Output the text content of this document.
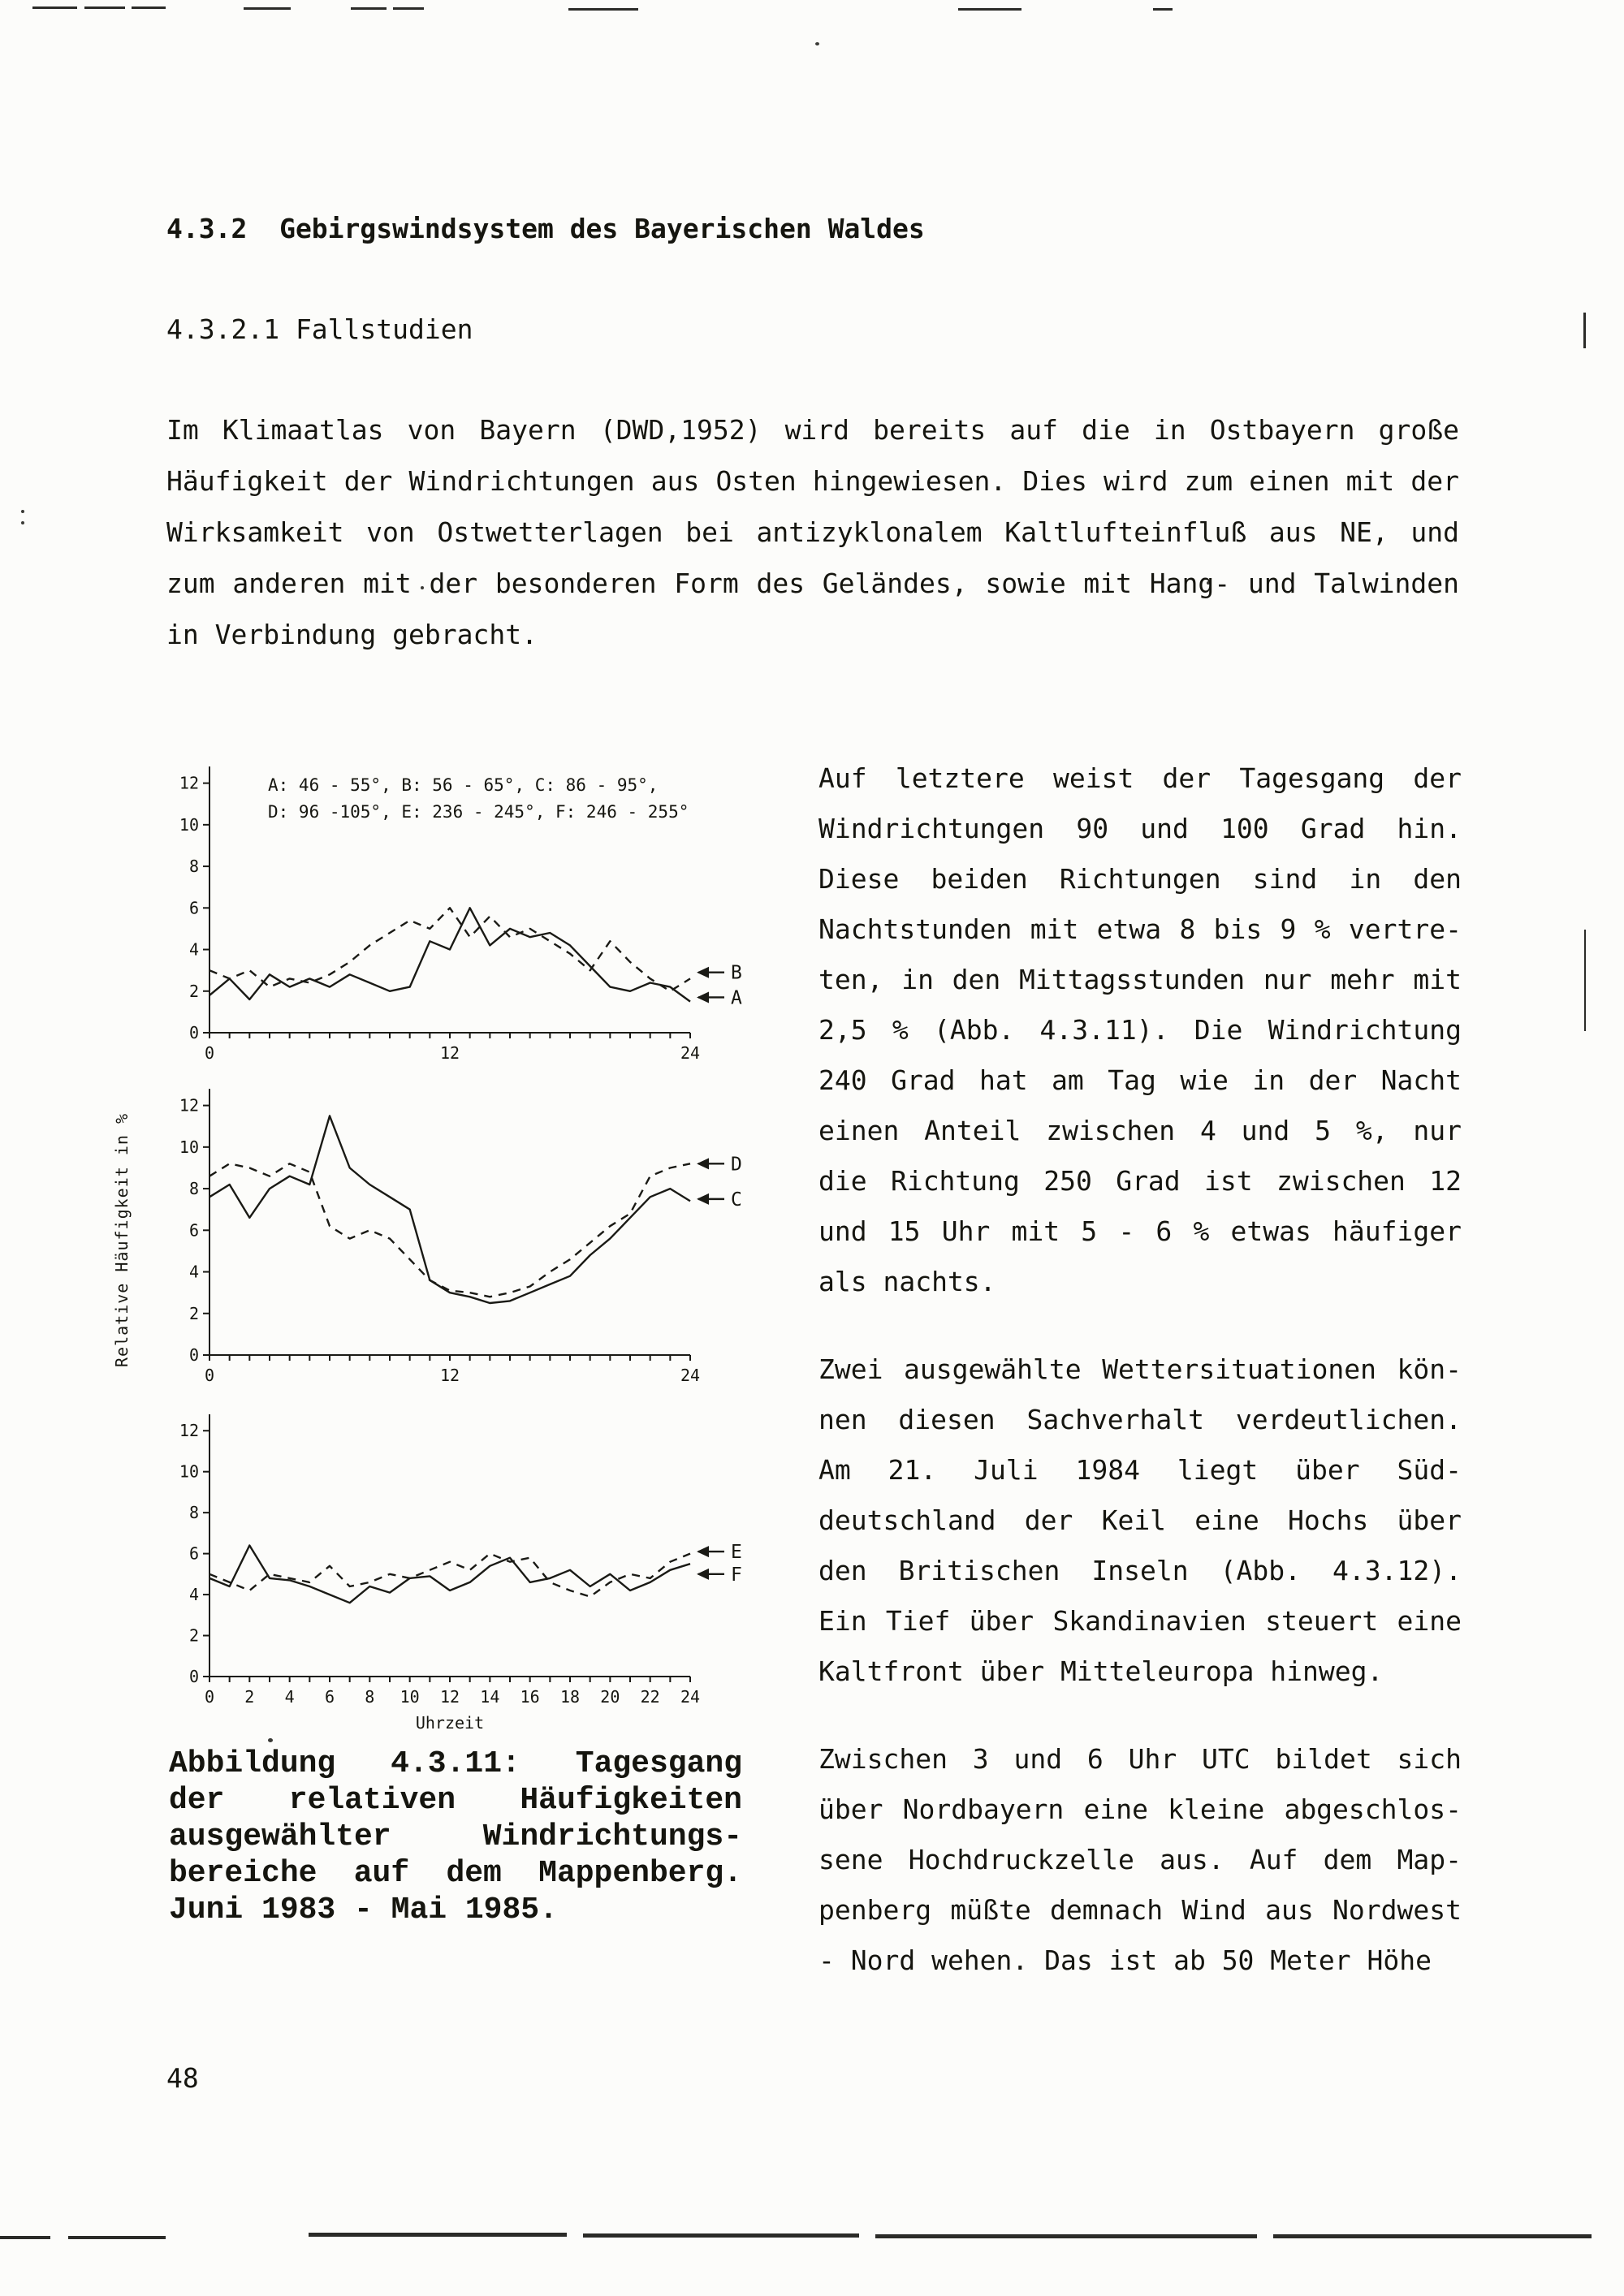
4.3.2  Gebirgswindsystem des Bayerischen Waldes
4.3.2.1 Fallstudien
Im Klimaatlas von Bayern (DWD,1952) wird bereits auf die in Ostbayern große
Häufigkeit der Windrichtungen aus Osten hingewiesen. Dies wird zum einen mit der
Wirksamkeit von Ostwetterlagen bei antizyklonalem Kaltlufteinfluß aus NE, und
zum anderen mit der besonderen Form des Geländes, sowie mit Hang- und Talwinden
in Verbindung gebracht.
0
2
4
6
8
10
12
0	12	24
B
A
A: 46 - 55°, B: 56 - 65°, C: 86 - 95°,
D: 96 -105°, E: 236 - 245°, F: 246 - 255°
0
2
4
6
8
10
12
0	12	24
D
C
0
2
4
6
8
10
12
0 2 4 6 8 10 12 14 16 18 20 22 24
Uhrzeit
E
F
Relative Häufigkeit in %
Abbildung 4.3.11: Tagesgang
der relativen Häufigkeiten
ausgewählter Windrichtungs-
bereiche auf dem Mappenberg.
Juni 1983 - Mai 1985.
Auf letztere weist der Tagesgang der
Windrichtungen 90 und 100 Grad hin.
Diese beiden Richtungen sind in den
Nachtstunden mit etwa 8 bis 9 % vertre-
ten, in den Mittagsstunden nur mehr mit
2,5 % (Abb. 4.3.11). Die Windrichtung
240 Grad hat am Tag wie in der Nacht
einen Anteil zwischen 4 und 5 %, nur
die Richtung 250 Grad ist zwischen 12
und 15 Uhr mit 5 - 6 % etwas häufiger
als nachts.
Zwei ausgewählte Wettersituationen kön-
nen diesen Sachverhalt verdeutlichen.
Am 21. Juli 1984 liegt über Süd-
deutschland der Keil eine Hochs über
den Britischen Inseln (Abb. 4.3.12).
Ein Tief über Skandinavien steuert eine
Kaltfront über Mitteleuropa hinweg.
Zwischen 3 und 6 Uhr UTC bildet sich
über Nordbayern eine kleine abgeschlos-
sene Hochdruckzelle aus. Auf dem Map-
penberg müßte demnach Wind aus Nordwest
- Nord wehen. Das ist ab 50 Meter Höhe
48
